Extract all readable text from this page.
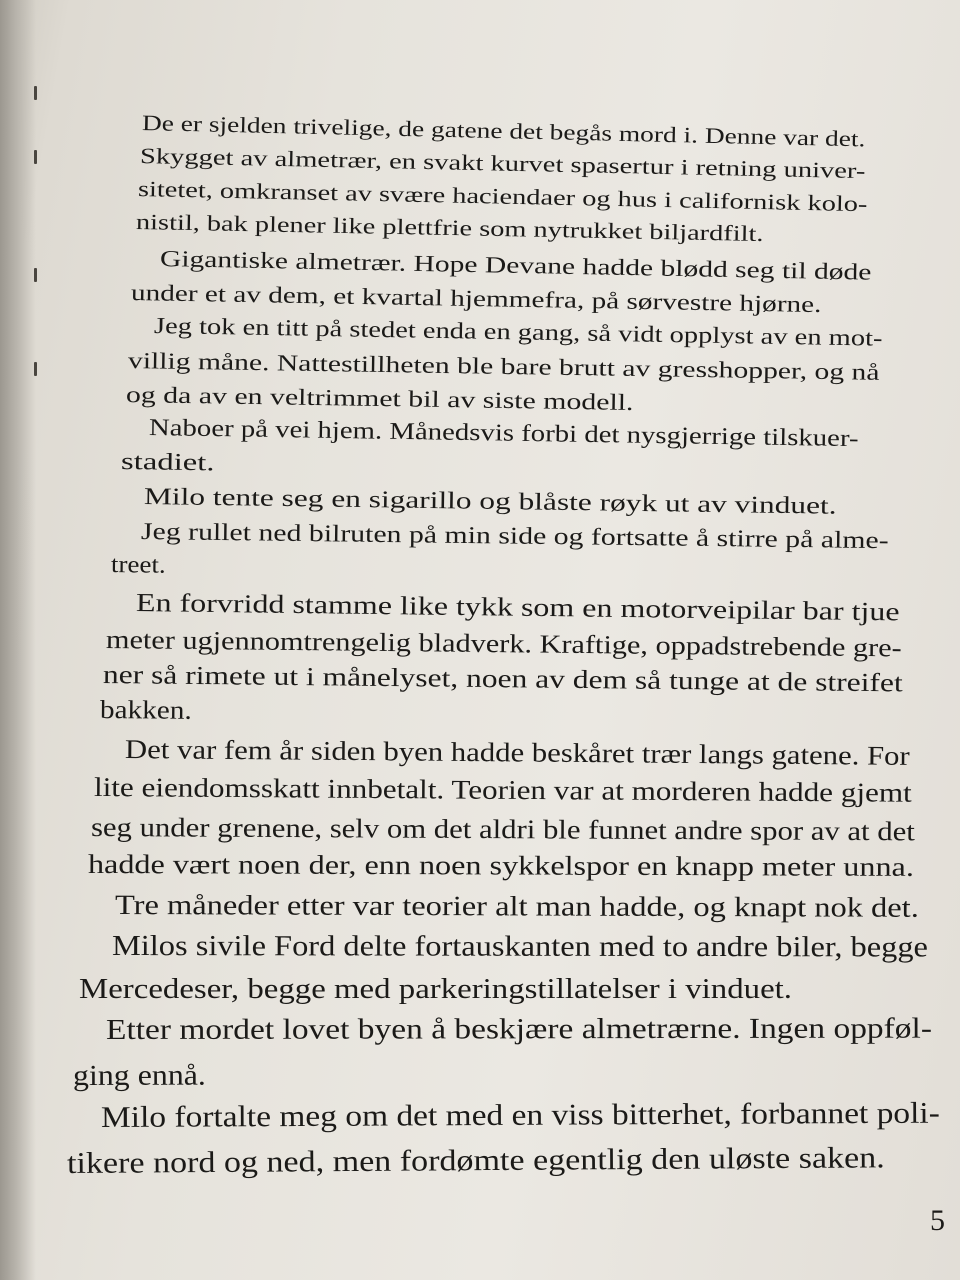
De er sjelden trivelige, de gatene det begås mord i. Denne var det.
Skygget av almetrær, en svakt kurvet spasertur i retning univer-
sitetet, omkranset av svære haciendaer og hus i californisk kolo-
nistil, bak plener like plettfrie som nytrukket biljardfilt.
Gigantiske almetrær. Hope Devane hadde blødd seg til døde
under et av dem, et kvartal hjemmefra, på sørvestre hjørne.
Jeg tok en titt på stedet enda en gang, så vidt opplyst av en mot-
villig måne. Nattestillheten ble bare brutt av gresshopper, og nå
og da av en veltrimmet bil av siste modell.
Naboer på vei hjem. Månedsvis forbi det nysgjerrige tilskuer-
stadiet.
Milo tente seg en sigarillo og blåste røyk ut av vinduet.
Jeg rullet ned bilruten på min side og fortsatte å stirre på alme-
treet.
En forvridd stamme like tykk som en motorveipilar bar tjue
meter ugjennomtrengelig bladverk. Kraftige, oppadstrebende gre-
ner så rimete ut i månelyset, noen av dem så tunge at de streifet
bakken.
Det var fem år siden byen hadde beskåret trær langs gatene. For
lite eiendomsskatt innbetalt. Teorien var at morderen hadde gjemt
seg under grenene, selv om det aldri ble funnet andre spor av at det
hadde vært noen der, enn noen sykkelspor en knapp meter unna.
Tre måneder etter var teorier alt man hadde, og knapt nok det.
Milos sivile Ford delte fortauskanten med to andre biler, begge
Mercedeser, begge med parkeringstillatelser i vinduet.
Etter mordet lovet byen å beskjære almetrærne. Ingen oppføl-
ging ennå.
Milo fortalte meg om det med en viss bitterhet, forbannet poli-
tikere nord og ned, men fordømte egentlig den uløste saken.
5
